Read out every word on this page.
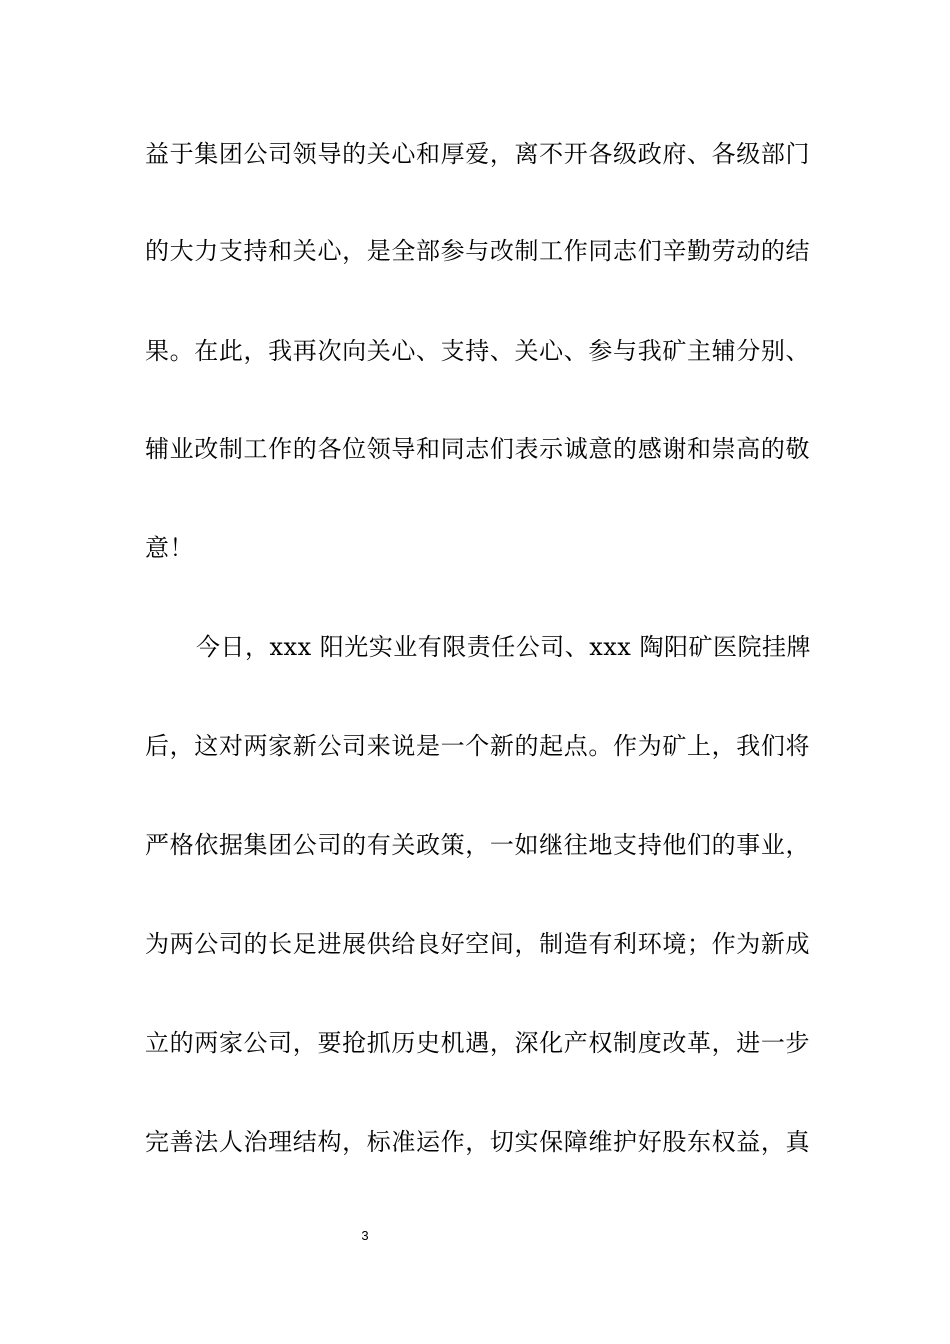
益于集团公司领导的关心和厚爱，离不开各级政府、各级部门
的大力支持和关心，是全部参与改制工作同志们辛勤劳动的结
果。在此，我再次向关心、支持、关心、参与我矿主辅分别、
辅业改制工作的各位领导和同志们表示诚意的感谢和崇高的敬
意！
今日，xxx 阳光实业有限责任公司、xxx 陶阳矿医院挂牌
后，这对两家新公司来说是一个新的起点。作为矿上，我们将
严格依据集团公司的有关政策，一如继往地支持他们的事业，
为两公司的长足进展供给良好空间，制造有利环境；作为新成
立的两家公司，要抢抓历史机遇，深化产权制度改革，进一步
完善法人治理结构，标准运作，切实保障维护好股东权益，真
3
